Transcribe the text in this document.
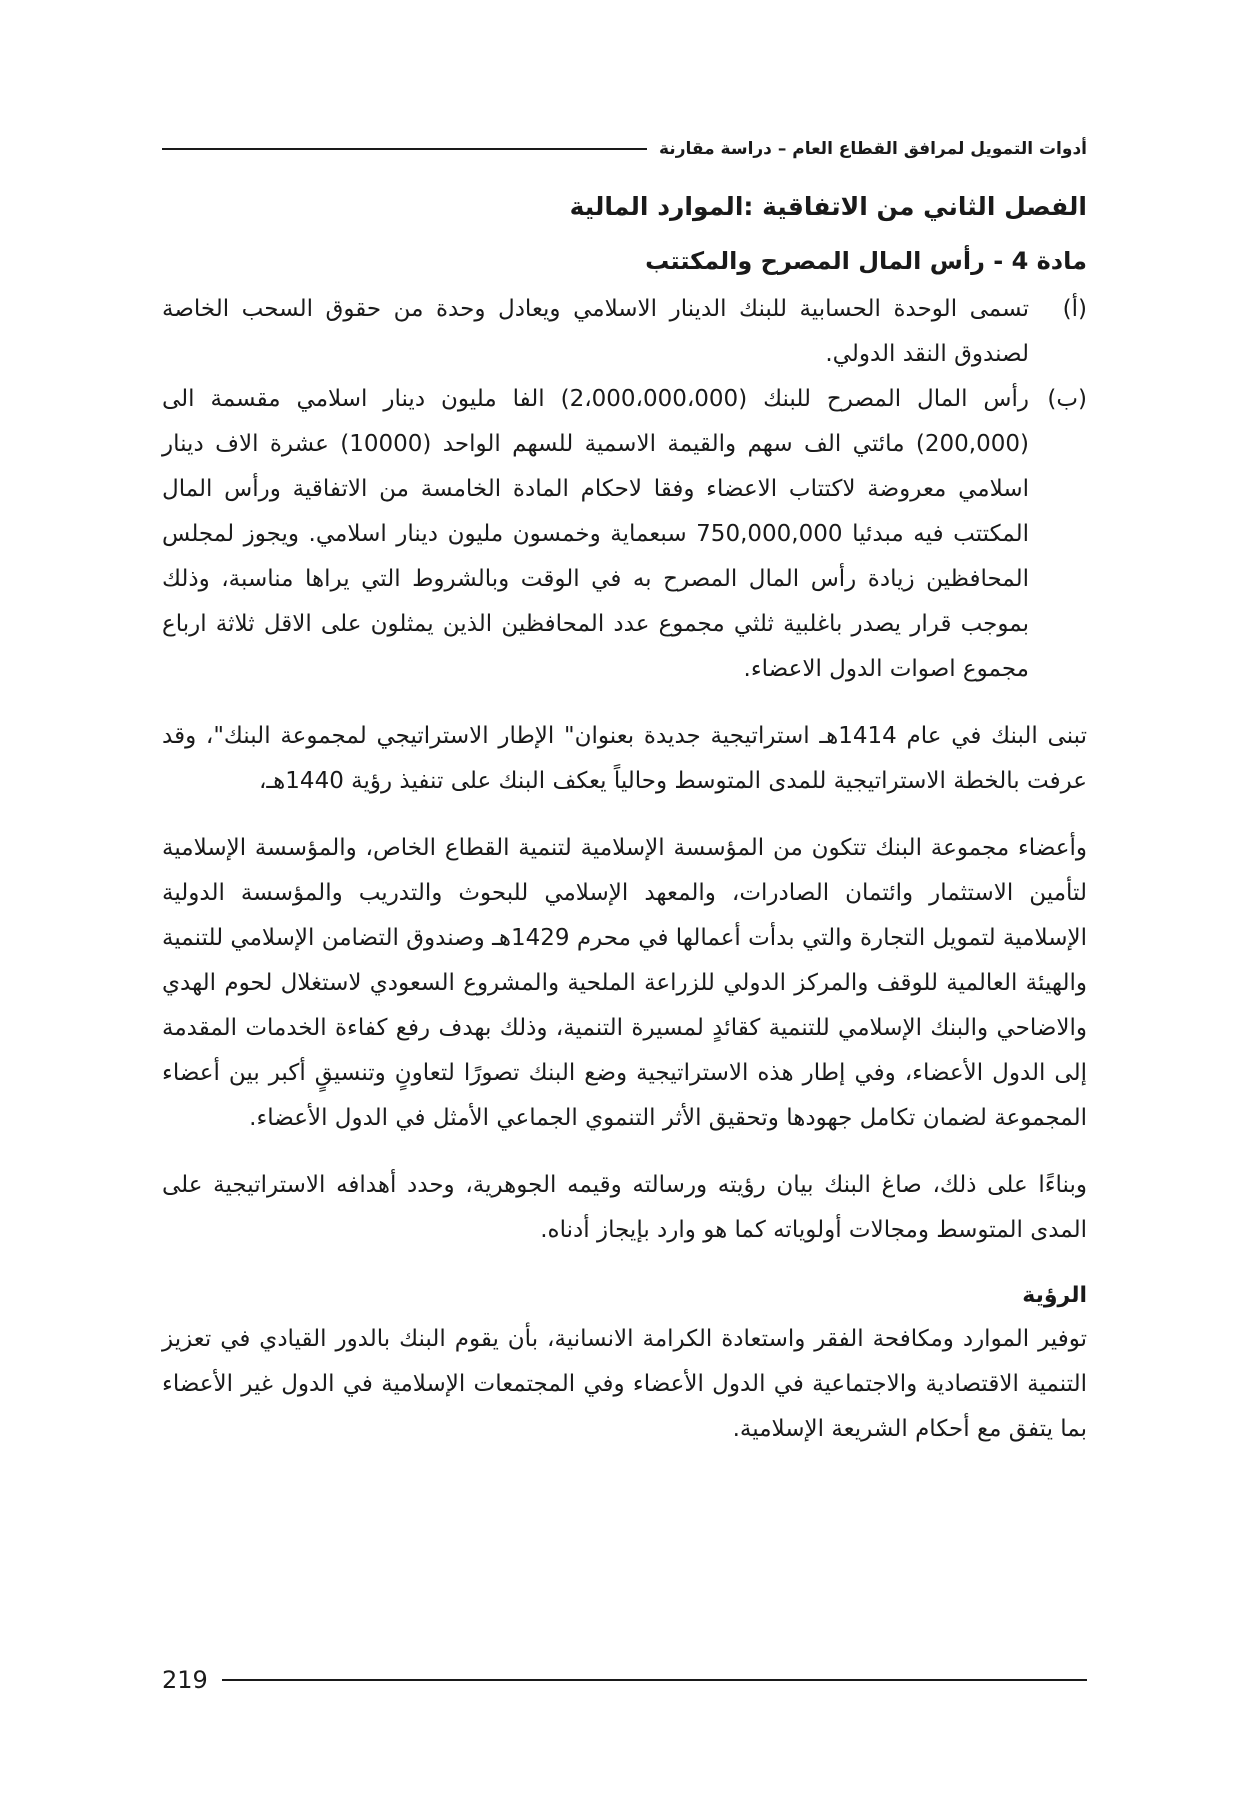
أدوات التمويل لمرافق القطاع العام – دراسة مقارنة
الفصل الثاني من الاتفاقية :الموارد المالية
مادة 4 - رأس المال المصرح والمكتتب
(أ)
تسمى الوحدة الحسابية للبنك الدينار الاسلامي ويعادل وحدة من حقوق السحب الخاصة لصندوق النقد الدولي.
(ب)
رأس المال المصرح للبنك (2،000،000،000) الفا مليون دينار اسلامي مقسمة الى (200,000) مائتي الف سهم والقيمة الاسمية للسهم الواحد (10000) عشرة الاف دينار اسلامي معروضة لاكتتاب الاعضاء وفقا لاحكام المادة الخامسة من الاتفاقية ورأس المال المكتتب فيه مبدئيا 750,000,000 سبعماية وخمسون مليون دينار اسلامي. ويجوز لمجلس المحافظين زيادة رأس المال المصرح به في الوقت وبالشروط التي يراها مناسبة، وذلك بموجب قرار يصدر باغلبية ثلثي مجموع عدد المحافظين الذين يمثلون على الاقل ثلاثة ارباع مجموع اصوات الدول الاعضاء.

تبنى البنك في عام 1414هـ استراتيجية جديدة بعنوان" الإطار الاستراتيجي لمجموعة البنك"، وقد عرفت بالخطة الاستراتيجية للمدى المتوسط وحالياً يعكف البنك على تنفيذ رؤية 1440هـ،

وأعضاء مجموعة البنك تتكون من المؤسسة الإسلامية لتنمية القطاع الخاص، والمؤسسة الإسلامية لتأمين الاستثمار وائتمان الصادرات، والمعهد الإسلامي للبحوث والتدريب والمؤسسة الدولية الإسلامية لتمويل التجارة والتي بدأت أعمالها في محرم 1429هـ وصندوق التضامن الإسلامي للتنمية والهيئة العالمية للوقف والمركز الدولي للزراعة الملحية والمشروع السعودي لاستغلال لحوم الهدي والاضاحي والبنك الإسلامي للتنمية كقائدٍ لمسيرة التنمية، وذلك بهدف رفع كفاءة الخدمات المقدمة إلى الدول الأعضاء، وفي إطار هذه الاستراتيجية وضع البنك تصورًا لتعاونٍ وتنسيقٍ أكبر بين أعضاء المجموعة لضمان تكامل جهودها وتحقيق الأثر التنموي الجماعي الأمثل في الدول الأعضاء.

وبناءًا على ذلك، صاغ البنك بيان رؤيته ورسالته وقيمه الجوهرية، وحدد أهدافه الاستراتيجية على المدى المتوسط ومجالات أولوياته كما هو وارد بإيجاز أدناه.

الرؤية

توفير الموارد ومكافحة الفقر واستعادة الكرامة الانسانية، بأن يقوم البنك بالدور القيادي في تعزيز التنمية الاقتصادية والاجتماعية في الدول الأعضاء وفي المجتمعات الإسلامية في الدول غير الأعضاء بما يتفق مع أحكام الشريعة الإسلامية.

219
